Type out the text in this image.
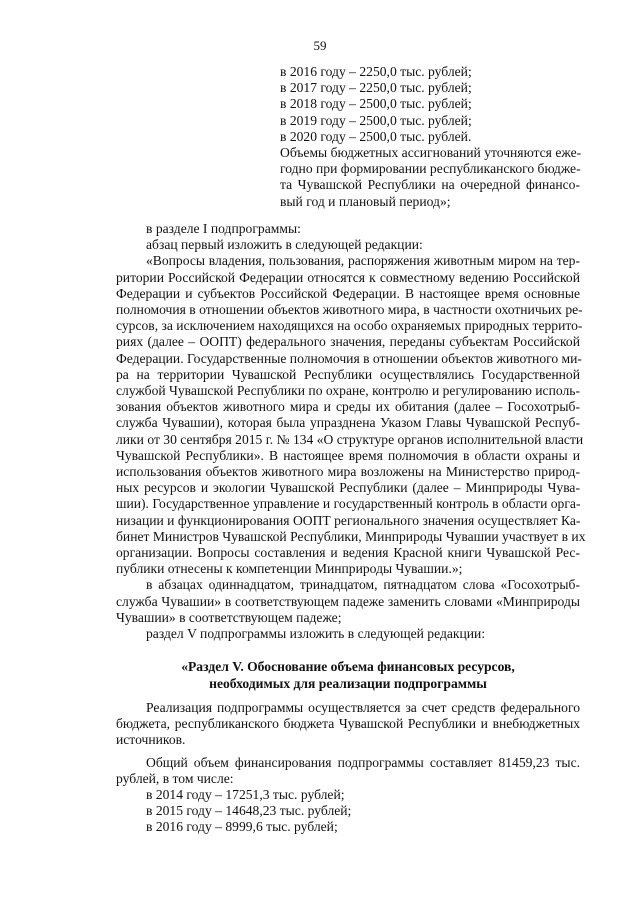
59
в 2016 году – 2250,0 тыс. рублей;
в 2017 году – 2250,0 тыс. рублей;
в 2018 году – 2500,0 тыс. рублей;
в 2019 году – 2500,0 тыс. рублей;
в 2020 году – 2500,0 тыс. рублей.
Объемы бюджетных ассигнований уточняются еже-
годно при формировании республиканского бюдже-
та Чувашской Республики на очередной финансо-
вый год и плановый период»;
в разделе I подпрограммы:
абзац первый изложить в следующей редакции:
«Вопросы владения, пользования, распоряжения животным миром на тер-
ритории Российской Федерации относятся к совместному ведению Российской
Федерации и субъектов Российской Федерации. В настоящее время основные
полномочия в отношении объектов животного мира, в частности охотничьих ре-
сурсов, за исключением находящихся на особо охраняемых природных террито-
риях (далее – ООПТ) федерального значения, переданы субъектам Российской
Федерации. Государственные полномочия в отношении объектов животного ми-
ра на территории Чувашской Республики осуществлялись Государственной
службой Чувашской Республики по охране, контролю и регулированию исполь-
зования объектов животного мира и среды их обитания (далее – Госохотрыб-
служба Чувашии), которая была упразднена Указом Главы Чувашской Респуб-
лики от 30 сентября 2015 г. № 134 «О структуре органов исполнительной власти
Чувашской Республики». В настоящее время полномочия в области охраны и
использования объектов животного мира возложены на Министерство природ-
ных ресурсов и экологии Чувашской Республики (далее – Минприроды Чува-
шии). Государственное управление и государственный контроль в области орга-
низации и функционирования ООПТ регионального значения осуществляет Ка-
бинет Министров Чувашской Республики, Минприроды Чувашии участвует в их
организации. Вопросы составления и ведения Красной книги Чувашской Рес-
публики отнесены к компетенции Минприроды Чувашии.»;
в абзацах одиннадцатом, тринадцатом, пятнадцатом слова «Госохотрыб-
служба Чувашии» в соответствующем падеже заменить словами «Минприроды
Чувашии» в соответствующем падеже;
раздел V подпрограммы изложить в следующей редакции:
«Раздел V. Обоснование объема финансовых ресурсов,
необходимых для реализации подпрограммы
Реализация подпрограммы осуществляется за счет средств федерального
бюджета, республиканского бюджета Чувашской Республики и внебюджетных
источников.
Общий объем финансирования подпрограммы составляет 81459,23 тыс.
рублей, в том числе:
в 2014 году – 17251,3 тыс. рублей;
в 2015 году – 14648,23 тыс. рублей;
в 2016 году – 8999,6 тыс. рублей;
